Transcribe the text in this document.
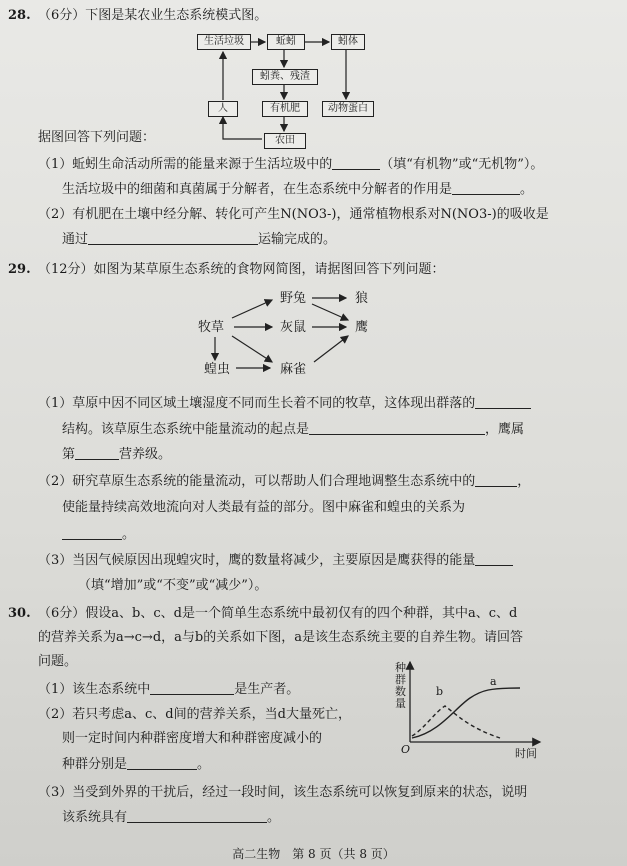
28. （6分）下图是某农业生态系统模式图。
生活垃圾	蚯蚓	蚓体
蚓粪、残渣
人	有机肥	动物蛋白
农田
据图回答下列问题：
（1）蚯蚓生命活动所需的能量来源于生活垃圾中的	（填“有机物”或“无机物”）。
生活垃圾中的细菌和真菌属于分解者，在生态系统中分解者的作用是	。
（2）有机肥在土壤中经分解、转化可产生N(NO3-)，通常植物根系对N(NO3-)的吸收是
通过	运输完成的。
29. （12分）如图为某草原生态系统的食物网简图，请据图回答下列问题：
野兔	狼
牧草	灰鼠	鹰
蝗虫	麻雀
（1）草原中因不同区域土壤湿度不同而生长着不同的牧草，这体现出群落的
结构。该草原生态系统中能量流动的起点是	，鹰属
第	营养级。
（2）研究草原生态系统的能量流动，可以帮助人们合理地调整生态系统中的	，
使能量持续高效地流向对人类最有益的部分。图中麻雀和蝗虫的关系为
。
（3）当因气候原因出现蝗灾时，鹰的数量将减少，主要原因是鹰获得的能量
（填“增加”或“不变”或“减少”）。
30. （6分）假设a、b、c、d是一个简单生态系统中最初仅有的四个种群，其中a、c、d
的营养关系为a→c→d，a与b的关系如下图，a是该生态系统主要的自养生物。请回答
问题。
（1）该生态系统中	是生产者。
（2）若只考虑a、c、d间的营养关系，当d大量死亡，
则一定时间内种群密度增大和种群密度减小的
种群分别是	。
（3）当受到外界的干扰后，经过一段时间，该生态系统可以恢复到原来的状态，说明
该系统具有	。
种群数量
时间
O
a
b
高二生物　第 8 页（共 8 页）
